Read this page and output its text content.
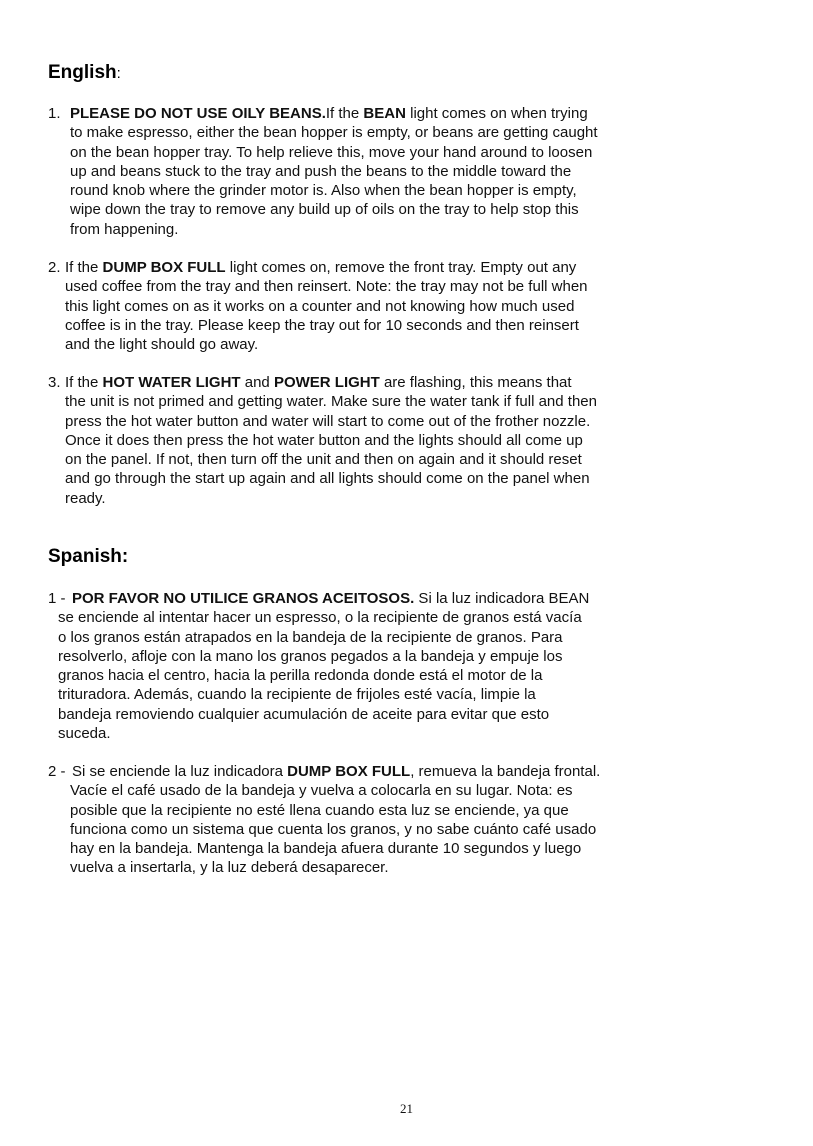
English:
1. PLEASE DO NOT USE OILY BEANS.If the BEAN light comes on when trying
to make espresso, either the bean hopper is empty, or beans are getting caught
on the bean hopper tray. To help relieve this, move your hand around to loosen
up and beans stuck to the tray and push the beans to the middle toward the
round knob where the grinder motor is. Also when the bean hopper is empty,
wipe down the tray to remove any build up of oils on the tray to help stop this
from happening.
2. If the DUMP BOX FULL light comes on, remove the front tray. Empty out any
used coffee from the tray and then reinsert. Note: the tray may not be full when
this light comes on as it works on a counter and not knowing how much used
coffee is in the tray. Please keep the tray out for 10 seconds and then reinsert
and the light should go away.
3. If the HOT WATER LIGHT and POWER LIGHT are flashing, this means that
the unit is not primed and getting water. Make sure the water tank if full and then
press the hot water button and water will start to come out of the frother nozzle.
Once it does then press the hot water button and the lights should all come up
on the panel. If not, then turn off the unit and then on again and it should reset
and go through the start up again and all lights should come on the panel when
ready.
Spanish:
1 - POR FAVOR NO UTILICE GRANOS ACEITOSOS. Si la luz indicadora BEAN
se enciende al intentar hacer un espresso, o la recipiente de granos está vacía
o los granos están atrapados en la bandeja de la recipiente de granos. Para
resolverlo, afloje con la mano los granos pegados a la bandeja y empuje los
granos hacia el centro, hacia la perilla redonda donde está el motor de la
trituradora. Además, cuando la recipiente de frijoles esté vacía, limpie la
bandeja removiendo cualquier acumulación de aceite para evitar que esto
suceda.
2 - Si se enciende la luz indicadora DUMP BOX FULL, remueva la bandeja frontal.
Vacíe el café usado de la bandeja y vuelva a colocarla en su lugar. Nota: es
posible que la recipiente no esté llena cuando esta luz se enciende, ya que
funciona como un sistema que cuenta los granos, y no sabe cuánto café usado
hay en la bandeja. Mantenga la bandeja afuera durante 10 segundos y luego
vuelva a insertarla, y la luz deberá desaparecer.
21
